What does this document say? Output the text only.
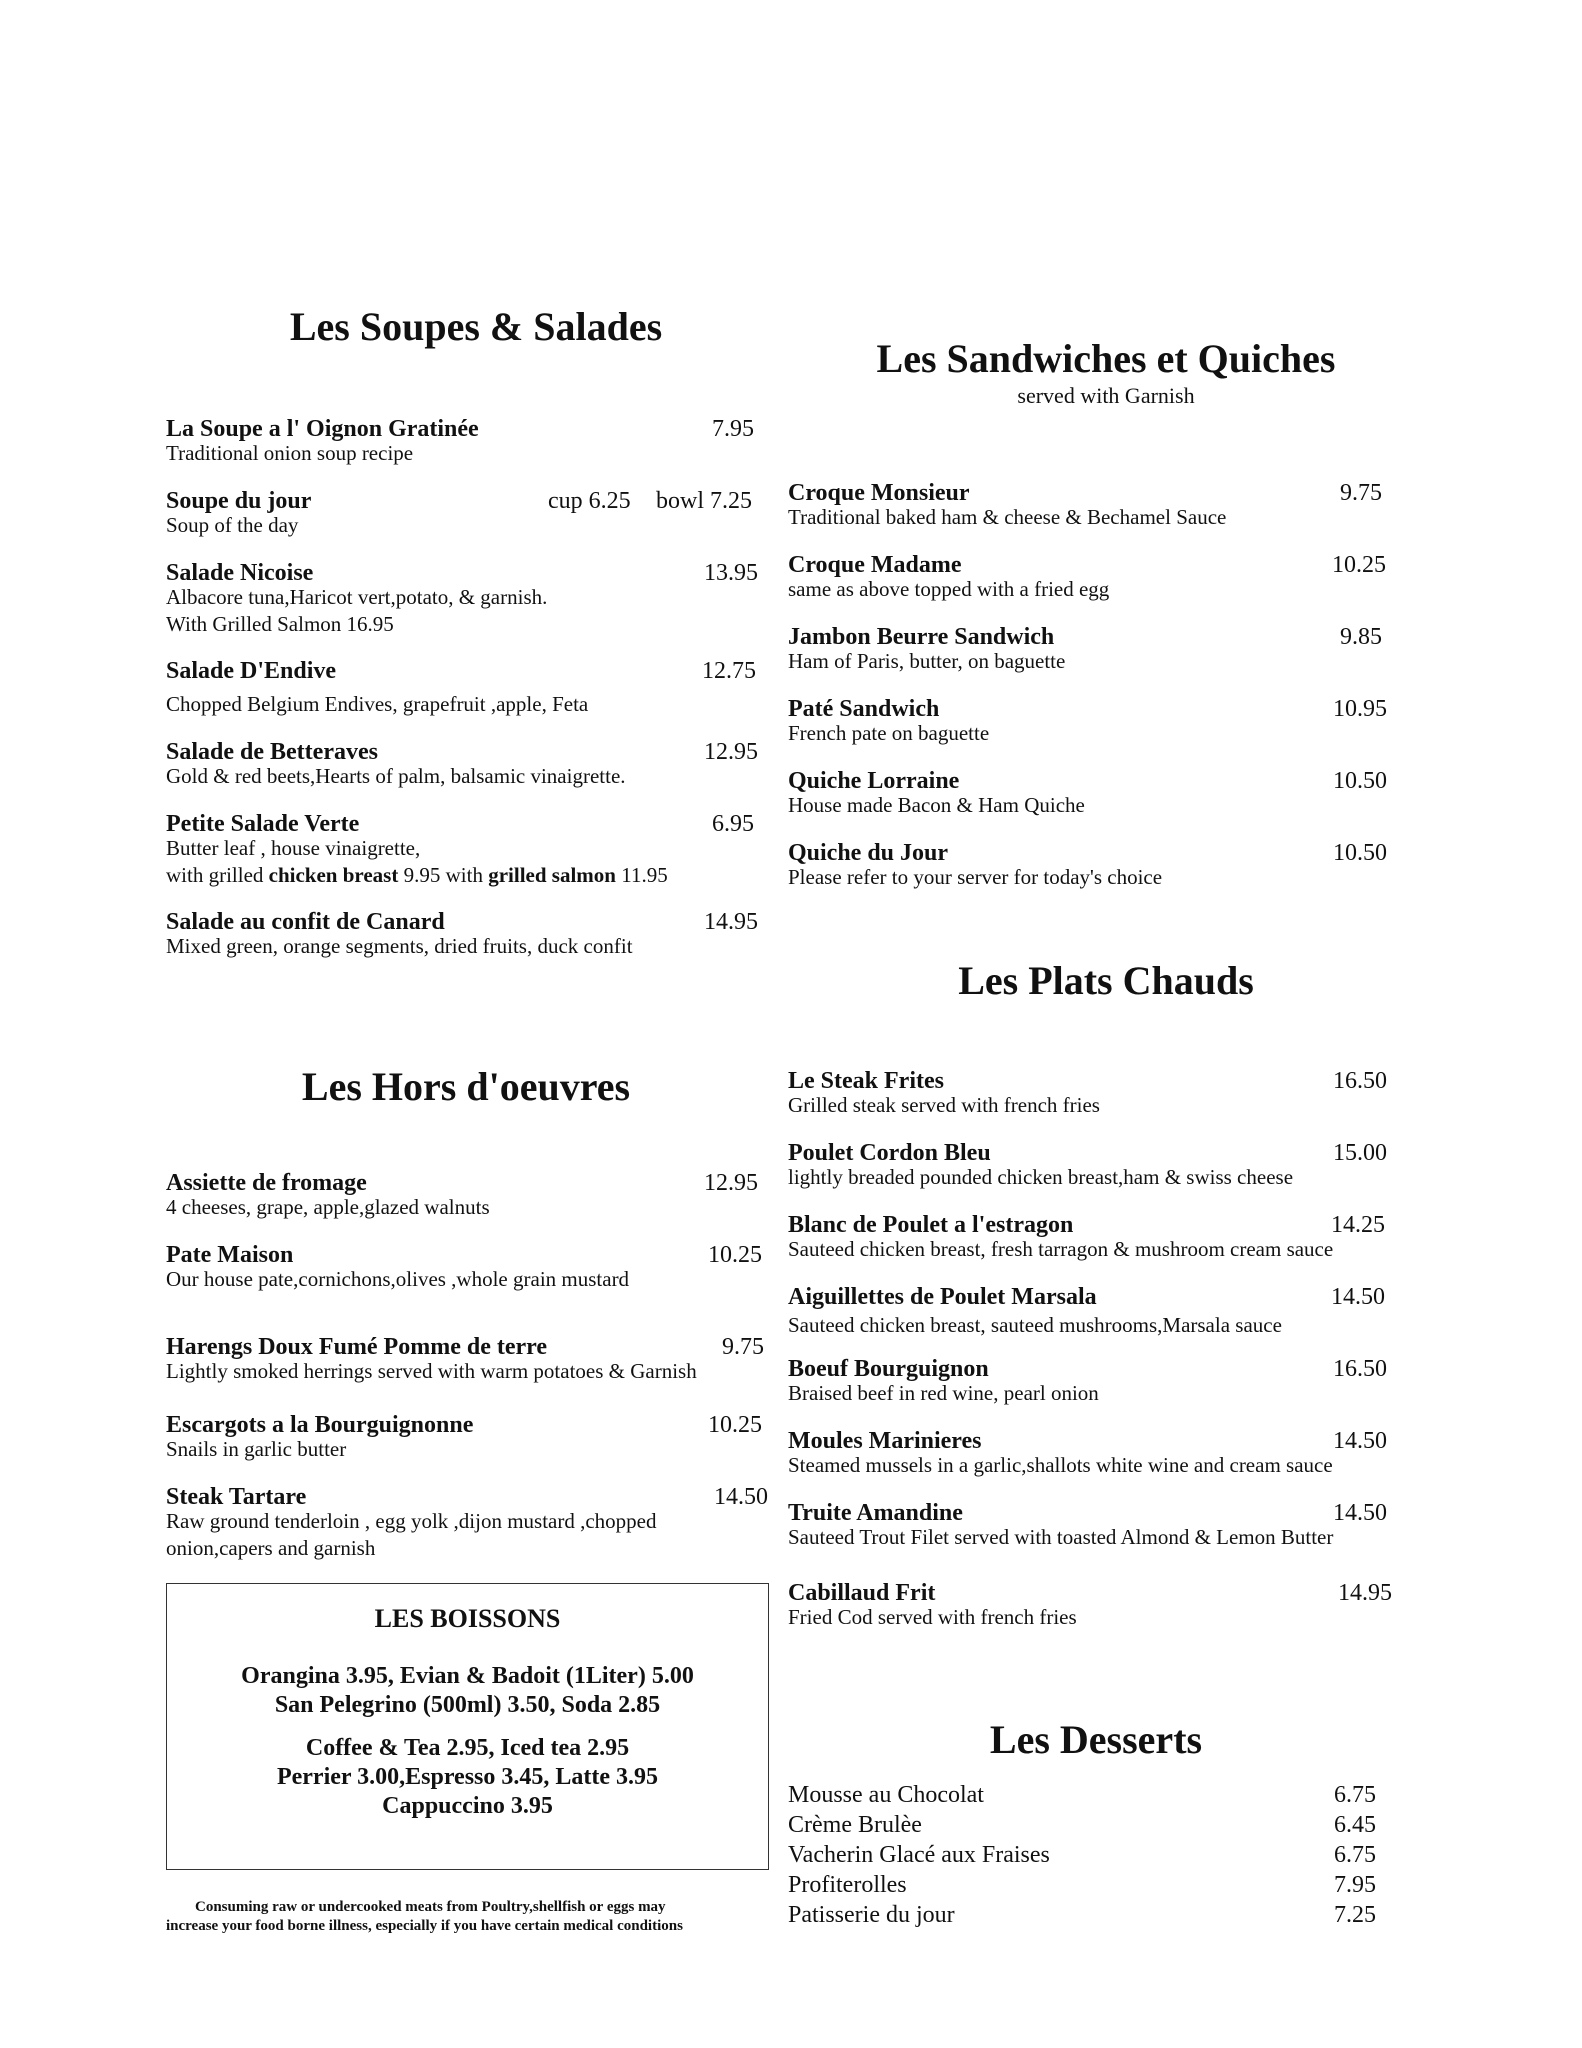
Les Soupes & Salades
La Soupe a l' Oignon Gratinée	7.95
Traditional onion soup recipe
Soupe du jour	cup 6.25 bowl 7.25
Soup of the day
Salade Nicoise	13.95
Albacore tuna,Haricot vert,potato, & garnish.
With Grilled Salmon 16.95
Salade D'Endive	12.75
Chopped Belgium Endives, grapefruit ,apple, Feta
Salade de Betteraves	12.95
Gold & red beets,Hearts of palm, balsamic vinaigrette.
Petite Salade Verte	6.95
Butter leaf , house vinaigrette,
with grilled chicken breast 9.95 with grilled salmon 11.95
Salade au confit de Canard	14.95
Mixed green, orange segments, dried fruits, duck confit
Les Sandwiches et Quiches
served with Garnish
Croque Monsieur	9.75
Traditional baked ham & cheese & Bechamel Sauce
Croque Madame	10.25
same as above topped with a fried egg
Jambon Beurre Sandwich	9.85
Ham of Paris, butter, on baguette
Paté Sandwich	10.95
French pate on baguette
Quiche Lorraine	10.50
House made Bacon & Ham Quiche
Quiche du Jour	10.50
Please refer to your server for today's choice
Les Plats Chauds
Le Steak Frites	16.50
Grilled steak served with french fries
Poulet Cordon Bleu	15.00
lightly breaded pounded chicken breast,ham & swiss cheese
Blanc de Poulet a l'estragon	14.25
Sauteed chicken breast, fresh tarragon & mushroom cream sauce
Aiguillettes de Poulet Marsala	14.50
Sauteed chicken breast, sauteed mushrooms,Marsala sauce
Boeuf Bourguignon	16.50
Braised beef in red wine, pearl onion
Moules Marinieres	14.50
Steamed mussels in a garlic,shallots white wine and cream sauce
Truite Amandine	14.50
Sauteed Trout Filet served with toasted Almond & Lemon Butter
Cabillaud Frit	14.95
Fried Cod served with french fries
Les Hors d'oeuvres
Assiette de fromage	12.95
4 cheeses, grape, apple,glazed walnuts
Pate Maison	10.25
Our house pate,cornichons,olives ,whole grain mustard
Harengs Doux Fumé Pomme de terre	9.75
Lightly smoked herrings served with warm potatoes & Garnish
Escargots a la Bourguignonne	10.25
Snails in garlic butter
Steak Tartare	14.50
Raw ground tenderloin , egg yolk ,dijon mustard ,chopped
onion,capers and garnish
LES BOISSONS
Orangina 3.95, Evian & Badoit (1Liter) 5.00
San Pelegrino (500ml) 3.50, Soda 2.85
Coffee & Tea 2.95, Iced tea 2.95
Perrier 3.00,Espresso 3.45, Latte 3.95
Cappuccino 3.95
Consuming raw or undercooked meats from Poultry,shellfish or eggs may
increase your food borne illness, especially if you have certain medical conditions
Les Desserts
Mousse au Chocolat	6.75
Crème Brulèe	6.45
Vacherin Glacé aux Fraises	6.75
Profiterolles	7.95
Patisserie du jour	7.25
